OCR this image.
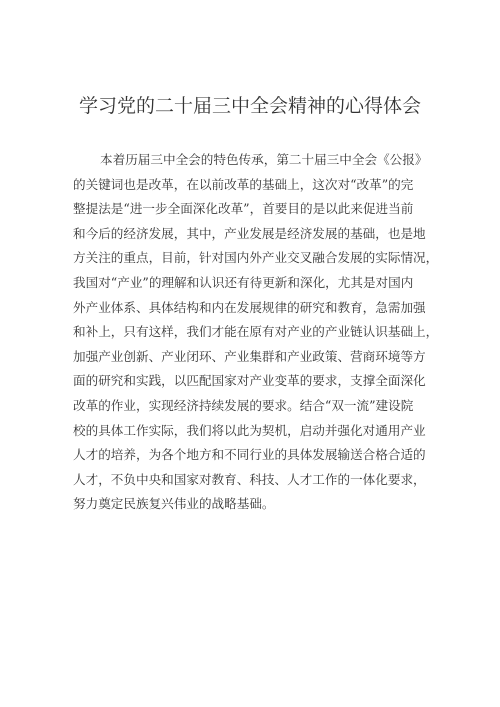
学习党的二十届三中全会精神的心得体会
本着历届三中全会的特色传承，第二十届三中全会《公报》
的关键词也是改革，在以前改革的基础上，这次对“改革”的完
整提法是“进一步全面深化改革”，首要目的是以此来促进当前
和今后的经济发展，其中，产业发展是经济发展的基础，也是地
方关注的重点，目前，针对国内外产业交叉融合发展的实际情况，
我国对“产业”的理解和认识还有待更新和深化，尤其是对国内
外产业体系、具体结构和内在发展规律的研究和教育，急需加强
和补上，只有这样，我们才能在原有对产业的产业链认识基础上，
加强产业创新、产业闭环、产业集群和产业政策、营商环境等方
面的研究和实践，以匹配国家对产业变革的要求，支撑全面深化
改革的作业，实现经济持续发展的要求。结合“双一流”建设院
校的具体工作实际，我们将以此为契机，启动并强化对通用产业
人才的培养，为各个地方和不同行业的具体发展输送合格合适的
人才，不负中央和国家对教育、科技、人才工作的一体化要求，
努力奠定民族复兴伟业的战略基础。
